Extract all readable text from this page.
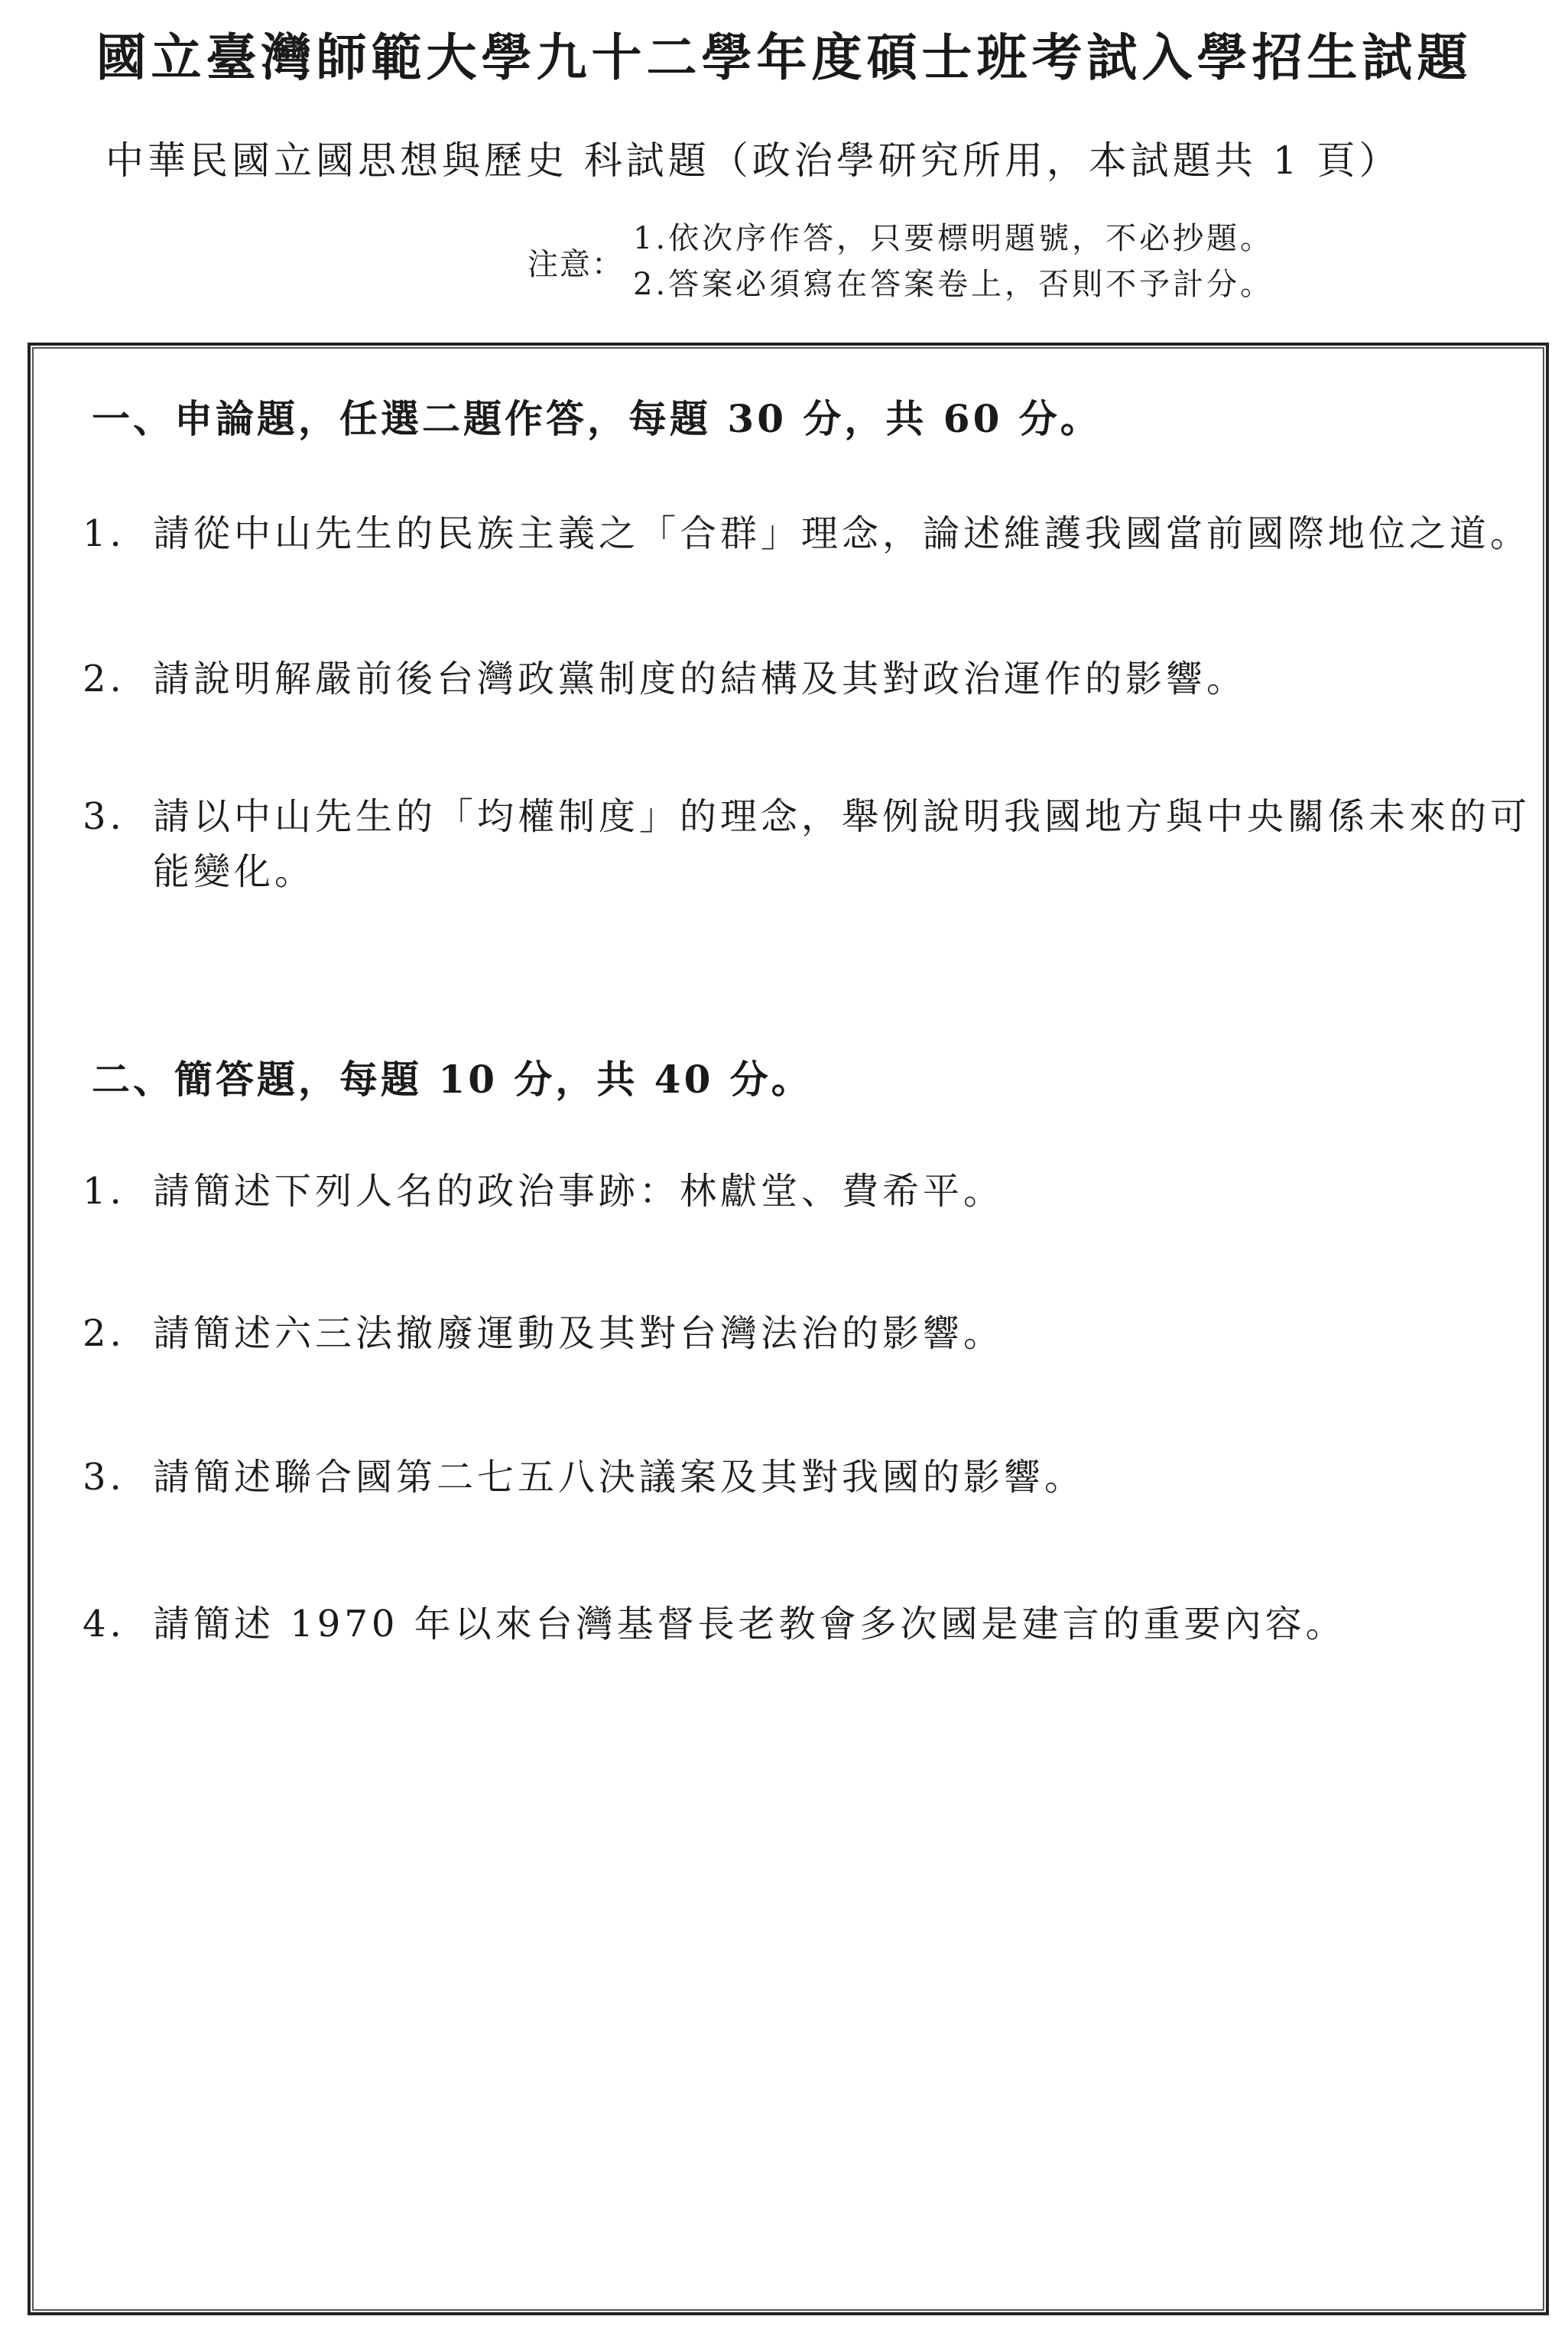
國立臺灣師範大學九十二學年度碩士班考試入學招生試題
中華民國立國思想與歷史 科試題（政治學研究所用，本試題共 1 頁）
注意：
1.依次序作答，只要標明題號，不必抄題。
2.答案必須寫在答案卷上，否則不予計分。
一、申論題，任選二題作答，每題 30 分，共 60 分。
1. 請從中山先生的民族主義之「合群」理念，論述維護我國當前國際地位之道。
2. 請說明解嚴前後台灣政黨制度的結構及其對政治運作的影響。
3. 請以中山先生的「均權制度」的理念，舉例說明我國地方與中央關係未來的可能變化。
二、簡答題，每題 10 分，共 40 分。
1. 請簡述下列人名的政治事跡：林獻堂、費希平。
2. 請簡述六三法撤廢運動及其對台灣法治的影響。
3. 請簡述聯合國第二七五八決議案及其對我國的影響。
4. 請簡述 1970 年以來台灣基督長老教會多次國是建言的重要內容。
